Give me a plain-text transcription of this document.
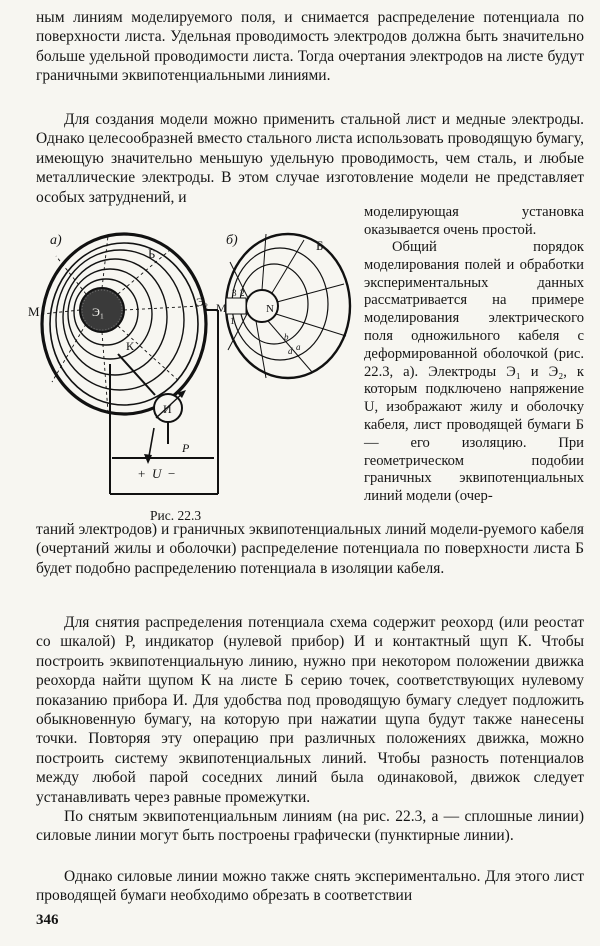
ным линиям моделируемого поля, и снимается распределение потенциала по поверхности листа. Удельная проводимость электродов должна быть значительно больше удельной проводимости листа. Тогда очертания электродов на листе будут граничными эквипотенциальными линиями.

Для создания модели можно применить стальной лист и медные электроды. Однако целесообразней вместо стального листа использовать проводящую бумагу, имеющую значительно меньшую удельную проводимость, чем сталь, и любые металлические электроды. В этом случае изготовление модели не представляет особых затруднений, и

моделирующая установка оказывается очень простой.

Общий порядок моделирования полей и обработки экспериментальных данных рассматривается на примере моделирования электрического поля одножильного кабеля с деформированной оболочкой (рис. 22.3, а). Электроды Э₁ и Э₂, к которым подключено напряжение U, изображают жилу и оболочку кабеля, лист проводящей бумаги Б — его изоляцию. При геометрическом подобии граничных эквипотенциальных линий модели (очер-

а)
Б
М	Э₁
Э₂
К
И
Р
+ U −
б)
М
Б
N
3 2
1
b
a
d
Рис. 22.3

таний электродов) и граничных эквипотенциальных линий модели-руемого кабеля (очертаний жилы и оболочки) распределение потенциала по поверхности листа Б будет подобно распределению потенциала в изоляции кабеля.

Для снятия распределения потенциала схема содержит реохорд (или реостат со шкалой) Р, индикатор (нулевой прибор) И и контактный щуп К. Чтобы построить эквипотенциальную линию, нужно при некотором положении движка реохорда найти щупом К на листе Б серию точек, соответствующих нулевому показанию прибора И. Для удобства под проводящую бумагу следует подложить обыкновенную бумагу, на которую при нажатии щупа будут также нанесены точки. Повторяя эту операцию при различных положениях движка, можно построить систему эквипотенциальных линий. Чтобы разность потенциалов между любой парой соседних линий была одинаковой, движок следует устанавливать через равные промежутки.

По снятым эквипотенциальным линиям (на рис. 22.3, а — сплошные линии) силовые линии могут быть построены графически (пунктирные линии).

Однако силовые линии можно также снять экспериментально. Для этого лист проводящей бумаги необходимо обрезать в соответствии

346
